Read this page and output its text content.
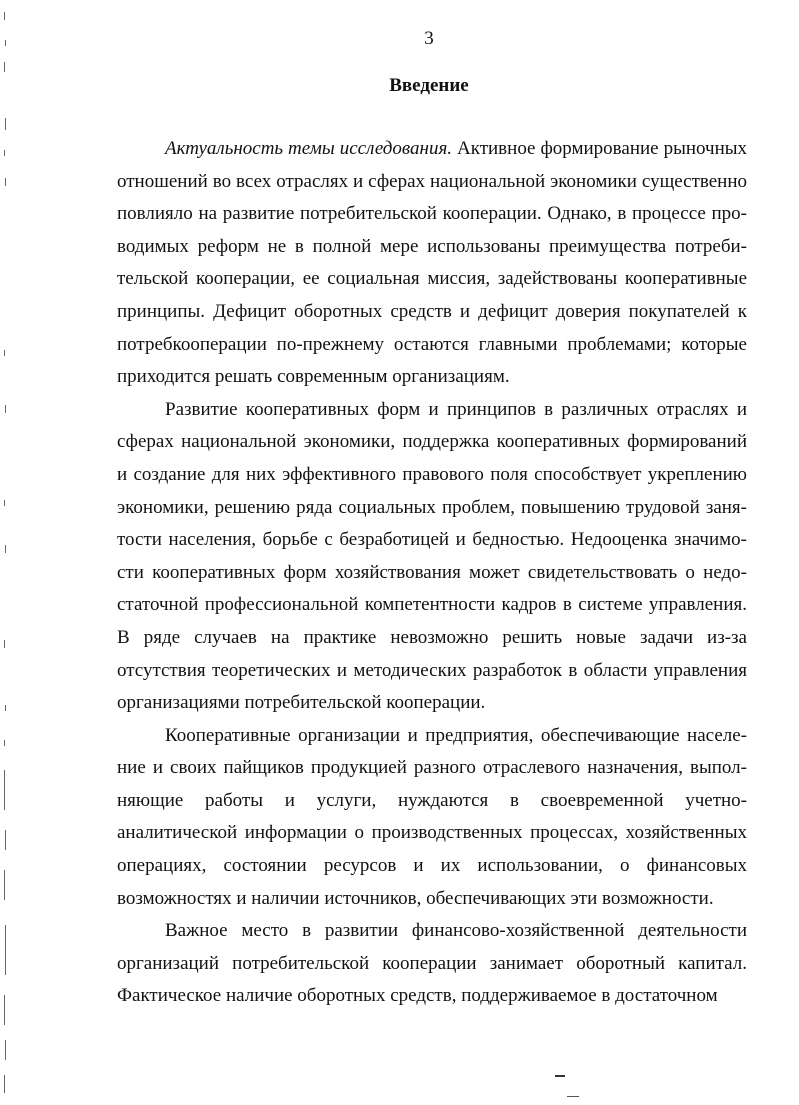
3
Введение

Актуальность темы исследования. Активное формирование рыночных отношений во всех отраслях и сферах национальной экономики существенно повлияло на развитие потребительской кооперации. Однако, в процессе проводимых реформ не в полной мере использованы преимущества потребительской кооперации, ее социальная миссия, задействованы кооперативные принципы. Дефицит оборотных средств и дефицит доверия покупателей к потребкооперации по-прежнему остаются главными проблемами; которые приходится решать современным организациям.

Развитие кооперативных форм и принципов в различных отраслях и сферах национальной экономики, поддержка кооперативных формирований и создание для них эффективного правового поля способствует укреплению экономики, решению ряда социальных проблем, повышению трудовой занятости населения, борьбе с безработицей и бедностью. Недооценка значимости кооперативных форм хозяйствования может свидетельствовать о недостаточной профессиональной компетентности кадров в системе управления. В ряде случаев на практике невозможно решить новые задачи из-за отсутствия теоретических и методических разработок в области управления организациями потребительской кооперации.

Кооперативные организации и предприятия, обеспечивающие население и своих пайщиков продукцией разного отраслевого назначения, выполняющие работы и услуги, нуждаются в своевременной учетно-аналитической информации о производственных процессах, хозяйственных операциях, состоянии ресурсов и их использовании, о финансовых возможностях и наличии источников, обеспечивающих эти возможности.

Важное место в развитии финансово-хозяйственной деятельности организаций потребительской кооперации занимает оборотный капитал. Фактическое наличие оборотных средств, поддерживаемое в достаточном
